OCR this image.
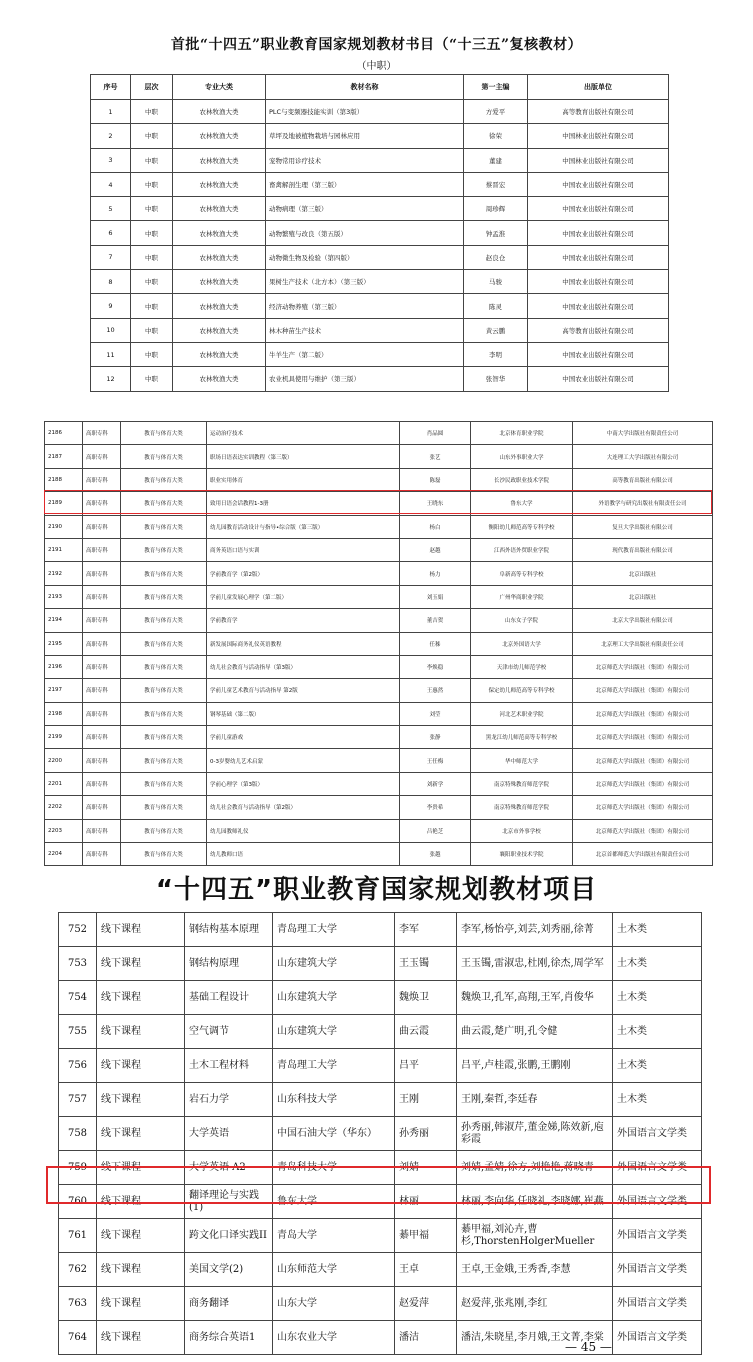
首批“十四五”职业教育国家规划教材书目（“十三五”复核教材）
（中职）
序号	层次	专业大类	教材名称	第一主编	出版单位
1	中职	农林牧渔大类	PLC与变频器技能实训（第3版）	方爱平	高等教育出版社有限公司
2	中职	农林牧渔大类	草坪及地被植物栽培与园林应用	徐荣	中国林业出版社有限公司
3	中职	农林牧渔大类	宠物常用诊疗技术	董建	中国林业出版社有限公司
4	中职	农林牧渔大类	畜禽解剖生理（第三版）	蔡晋宏	中国农业出版社有限公司
5	中职	农林牧渔大类	动物病理（第三版）	周珍辉	中国农业出版社有限公司
6	中职	农林牧渔大类	动物繁殖与改良（第五版）	钟孟淮	中国农业出版社有限公司
7	中职	农林牧渔大类	动物微生物及检验（第四版）	赵良仓	中国农业出版社有限公司
8	中职	农林牧渔大类	果树生产技术（北方本）（第三版）	马骏	中国农业出版社有限公司
9	中职	农林牧渔大类	经济动物养殖（第三版）	陈灵	中国农业出版社有限公司
10	中职	农林牧渔大类	林木种苗生产技术	黄云鹏	高等教育出版社有限公司
11	中职	农林牧渔大类	牛羊生产（第二版）	李明	中国农业出版社有限公司
12	中职	农林牧渔大类	农业机具使用与维护（第三版）	张智华	中国农业出版社有限公司
2186	高职专科	教育与体育大类	运动治疗技术	肖品圆	北京体育职业学院	中南大学出版社有限责任公司
2187	高职专科	教育与体育大类	职场日语表达实训教程（第三版）	张艺	山东外事职业大学	大连理工大学出版社有限公司
2188	高职专科	教育与体育大类	职业实用体育	陈磊	长沙民政职业技术学院	高等教育出版社有限公司
2189	高职专科	教育与体育大类	致用日语会话教程1-3册	王晓东	鲁东大学	外语教学与研究出版社有限责任公司
2190	高职专科	教育与体育大类	幼儿园教育活动设计与指导•综合版（第三版）	杨白	衡阳幼儿师范高等专科学校	复旦大学出版社有限公司
2191	高职专科	教育与体育大类	商务英语口语与实训	赵越	江西外语外贸职业学院	现代教育出版社有限公司
2192	高职专科	教育与体育大类	学前教育学（第2版）	杨力	阜新高等专科学校	北京出版社
2193	高职专科	教育与体育大类	学前儿童发展心理学（第二版）	刘玉娟	广州华商职业学院	北京出版社
2194	高职专科	教育与体育大类	学前教育学	董吉贺	山东女子学院	北京大学出版社有限公司
2195	高职专科	教育与体育大类	新发展国际商务礼仪英语教程	任秭	北京外国语大学	北京理工大学出版社有限责任公司
2196	高职专科	教育与体育大类	幼儿社会教育与活动指导（第3版）	李焕稳	天津市幼儿师范学校	北京师范大学出版社（集团）有限公司
2197	高职专科	教育与体育大类	学前儿童艺术教育与活动指导 第2版	王惠然	保定幼儿师范高等专科学校	北京师范大学出版社（集团）有限公司
2198	高职专科	教育与体育大类	钢琴基础（第二版）	刘莹	河北艺术职业学院	北京师范大学出版社（集团）有限公司
2199	高职专科	教育与体育大类	学前儿童游戏	张静	黑龙江幼儿师范高等专科学校	北京师范大学出版社（集团）有限公司
2200	高职专科	教育与体育大类	0-3岁婴幼儿艺术启蒙	王任梅	华中师范大学	北京师范大学出版社（集团）有限公司
2201	高职专科	教育与体育大类	学前心理学（第3版）	刘新学	南京特殊教育师范学院	北京师范大学出版社（集团）有限公司
2202	高职专科	教育与体育大类	幼儿社会教育与活动指导（第2版）	李贵希	南京特殊教育师范学院	北京师范大学出版社（集团）有限公司
2203	高职专科	教育与体育大类	幼儿园教师礼仪	吕艳芝	北京市外事学校	北京师范大学出版社（集团）有限公司
2204	高职专科	教育与体育大类	幼儿教师口语	张越	襄阳职业技术学院	北京首都师范大学出版社有限责任公司
“十四五”职业教育国家规划教材项目
752	线下课程	钢结构基本原理	青岛理工大学	李军	李军,杨怡亭,刘芸,刘秀丽,徐菁	土木类
753	线下课程	钢结构原理	山东建筑大学	王玉镯	王玉镯,雷淑忠,杜刚,徐杰,周学军	土木类
754	线下课程	基础工程设计	山东建筑大学	魏焕卫	魏焕卫,孔军,高翔,王军,肖俊华	土木类
755	线下课程	空气调节	山东建筑大学	曲云霞	曲云霞,楚广明,孔令健	土木类
756	线下课程	土木工程材料	青岛理工大学	吕平	吕平,卢桂霞,张鹏,王鹏刚	土木类
757	线下课程	岩石力学	山东科技大学	王刚	王刚,秦哲,李廷春	土木类
758	线下课程	大学英语	中国石油大学（华东）	孙秀丽	孙秀丽,韩淑芹,董金娣,陈效新,庖彩霞	外国语言文学类
759	线下课程	大学英语 A2	青岛科技大学	刘婧	刘婧,孟婧,徐方,刘艳艳,蒋晓青	外国语言文学类
760	线下课程	翻译理论与实践(1)	鲁东大学	林丽	林丽,李向华,任晓礼,李晓娜,崔燕	外国语言文学类
761	线下课程	跨文化口译实践II	青岛大学	綦甲福	綦甲福,刘沁卉,曹杉,ThorstenHolgerMueller	外国语言文学类
762	线下课程	美国文学(2)	山东师范大学	王卓	王卓,王金娥,王秀香,李慧	外国语言文学类
763	线下课程	商务翻译	山东大学	赵爱萍	赵爱萍,张兆刚,李红	外国语言文学类
764	线下课程	商务综合英语1	山东农业大学	潘洁	潘洁,朱晓星,李月娥,王文菁,李棠	外国语言文学类
— 45 —
